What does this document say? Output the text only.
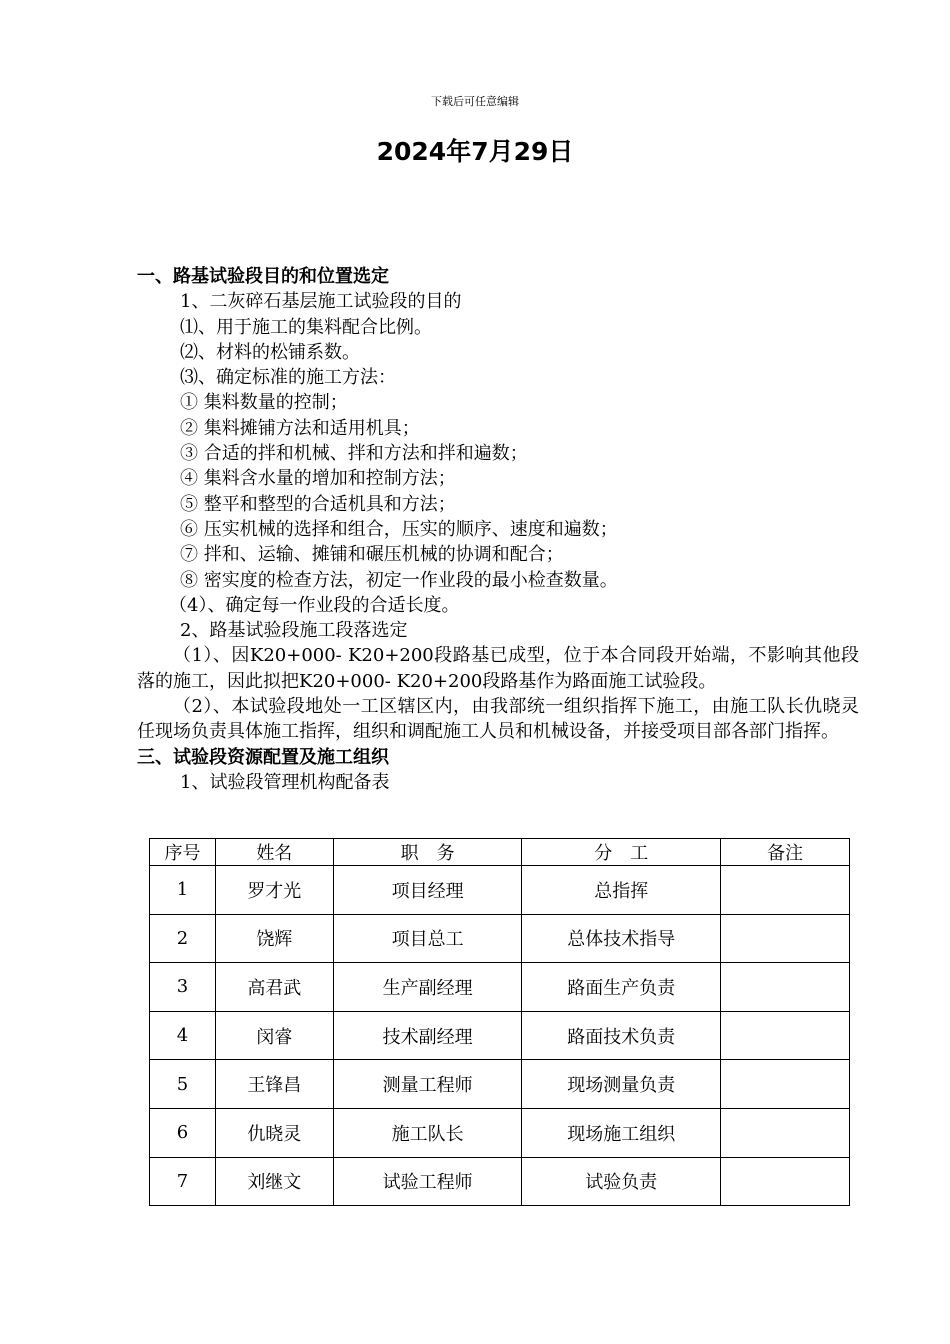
下载后可任意编辑
2024年7月29日
一、路基试验段目的和位置选定
1、二灰碎石基层施工试验段的目的
⑴、用于施工的集料配合比例。
⑵、材料的松铺系数。
⑶、确定标准的施工方法：
① 集料数量的控制；
② 集料摊铺方法和适用机具；
③ 合适的拌和机械、拌和方法和拌和遍数；
④ 集料含水量的增加和控制方法；
⑤ 整平和整型的合适机具和方法；
⑥ 压实机械的选择和组合，压实的顺序、速度和遍数；
⑦ 拌和、运输、摊铺和碾压机械的协调和配合；
⑧ 密实度的检查方法，初定一作业段的最小检查数量。
（4）、确定每一作业段的合适长度。
2、路基试验段施工段落选定
（1）、因K20+000- K20+200段路基已成型，位于本合同段开始端，不影响其他段落的施工，因此拟把K20+000- K20+200段路基作为路面施工试验段。
（2）、本试验段地处一工区辖区内，由我部统一组织指挥下施工，由施工队长仇晓灵任现场负责具体施工指挥，组织和调配施工人员和机械设备，并接受项目部各部门指挥。
三、试验段资源配置及施工组织
1、试验段管理机构配备表
序号	姓名	职　务	分　工	备注
1	罗才光	项目经理	总指挥	
2	饶辉	项目总工	总体技术指导	
3	高君武	生产副经理	路面生产负责	
4	闵睿	技术副经理	路面技术负责	
5	王锋昌	测量工程师	现场测量负责	
6	仇晓灵	施工队长	现场施工组织	
7	刘继文	试验工程师	试验负责	
